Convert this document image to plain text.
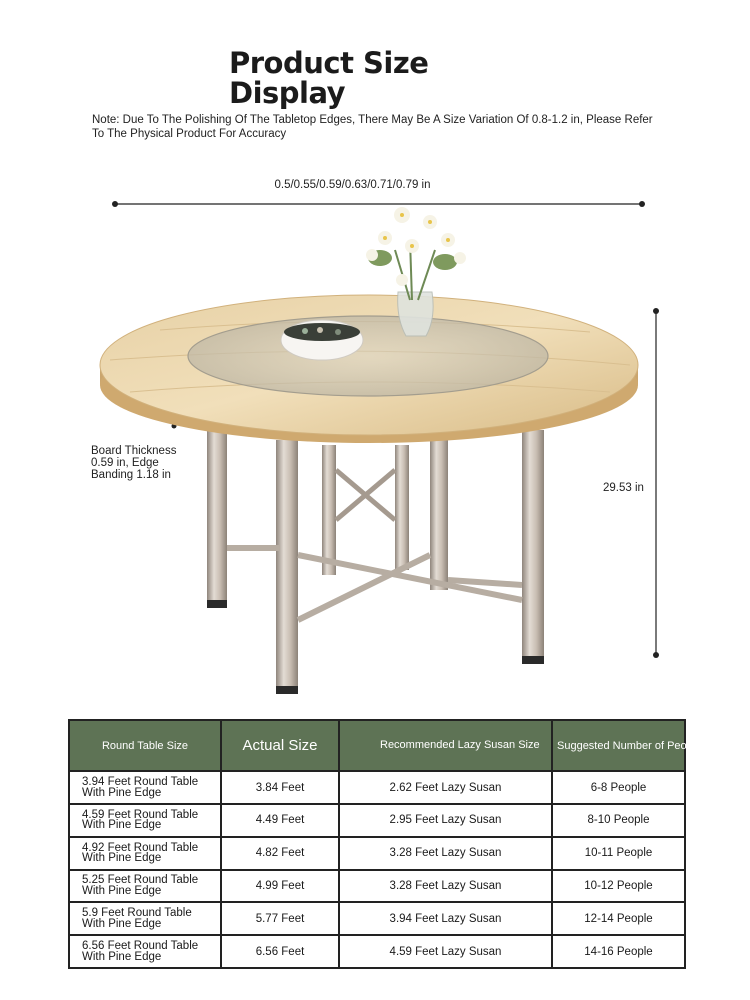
Product Size
Display
Note: Due To The Polishing Of The Tabletop Edges, There May Be A Size Variation Of 0.8-1.2 in, Please Refer To The Physical Product For Accuracy
0.5/0.55/0.59/0.63/0.71/0.79 in
29.53 in
Board Thickness 0.59 in, Edge Banding 1.18 in
Round Table Size	Actual Size	Recommended Lazy Susan Size	Suggested Number of People
3.94 Feet Round Table With Pine Edge	3.84 Feet	2.62 Feet Lazy Susan	6-8 People
4.59 Feet Round Table With Pine Edge	4.49 Feet	2.95 Feet Lazy Susan	8-10 People
4.92 Feet Round Table With Pine Edge	4.82 Feet	3.28 Feet Lazy Susan	10-11 People
5.25 Feet Round Table With Pine Edge	4.99 Feet	3.28 Feet Lazy Susan	10-12 People
5.9 Feet Round Table With Pine Edge	5.77 Feet	3.94 Feet Lazy Susan	12-14 People
6.56 Feet Round Table With Pine Edge	6.56 Feet	4.59 Feet Lazy Susan	14-16 People
